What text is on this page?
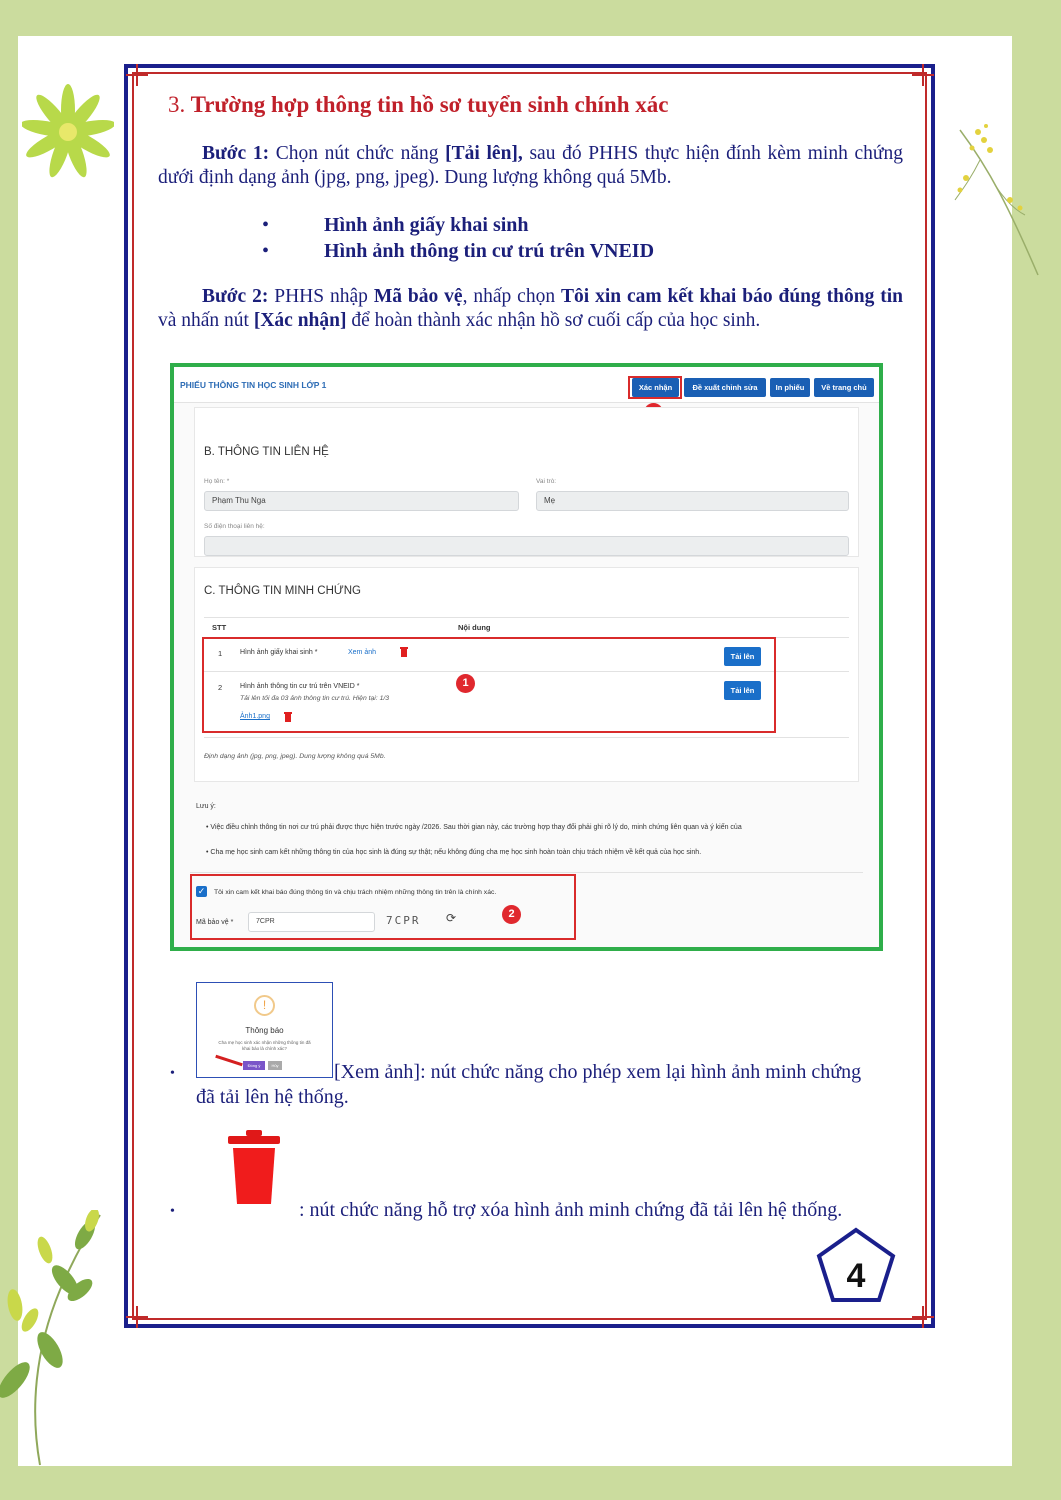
3. Trường hợp thông tin hồ sơ tuyển sinh chính xác
Bước 1: Chọn nút chức năng [Tải lên], sau đó PHHS thực hiện đính kèm minh chứng dưới định dạng ảnh (jpg, png, jpeg). Dung lượng không quá 5Mb.
•	Hình ảnh giấy khai sinh
•	Hình ảnh thông tin cư trú trên VNEID
Bước 2: PHHS nhập Mã bảo vệ, nhấp chọn Tôi xin cam kết khai báo đúng thông tin và nhấn nút [Xác nhận] để hoàn thành xác nhận hồ sơ cuối cấp của học sinh.
PHIẾU THÔNG TIN HỌC SINH LỚP 1	Xác nhận	Đề xuất chỉnh sửa	In phiếu	Về trang chủ
B. THÔNG TIN LIÊN HỆ
Họ tên: *
Phạm Thu Nga
Vai trò:
Mẹ
Số điện thoại liên hệ:
C. THÔNG TIN MINH CHỨNG
STT	Nội dung
1	Hình ảnh giấy khai sinh *	Xem ảnh	Tải lên
2	Hình ảnh thông tin cư trú trên VNEID *
Tải lên tối đa 03 ảnh thông tin cư trú. Hiện tại: 1/3
Ảnh1.png
Tải lên
1
Định dạng ảnh (jpg, png, jpeg). Dung lượng không quá 5Mb.
Lưu ý:
• Việc điều chỉnh thông tin nơi cư trú phải được thực hiện trước ngày /2026. Sau thời gian này, các trường hợp thay đổi phải ghi rõ lý do, minh chứng liên quan và ý kiến của
• Cha mẹ học sinh cam kết những thông tin của học sinh là đúng sự thật; nếu không đúng cha mẹ học sinh hoàn toàn chịu trách nhiệm về kết quả của học sinh.
✓ Tôi xin cam kết khai báo đúng thông tin và chịu trách nhiệm những thông tin trên là chính xác.
Mã bảo vệ *	7CPR	7CPR ⟳	2
!
Thông báo
Cha mẹ học sinh xác nhận những thông tin đã khai báo là chính xác?
Đồng ý	Hủy
•	[Xem ảnh]: nút chức năng cho phép xem lại hình ảnh minh chứng
đã tải lên hệ thống.
•	: nút chức năng hỗ trợ xóa hình ảnh minh chứng đã tải lên hệ thống.
4
